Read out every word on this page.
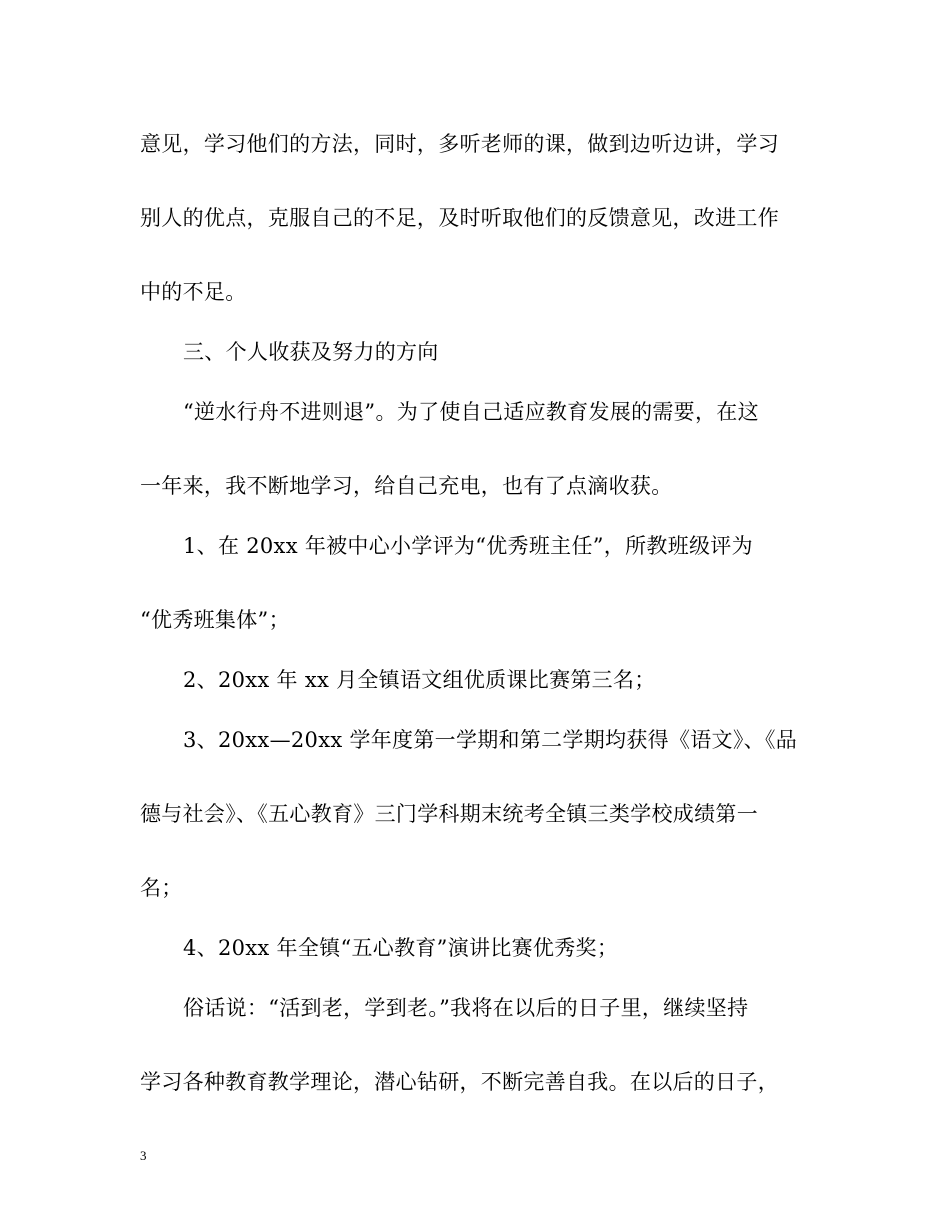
意见，学习他们的方法，同时，多听老师的课，做到边听边讲，学习
别人的优点，克服自己的不足，及时听取他们的反馈意见，改进工作
中的不足。
三、个人收获及努力的方向
“逆水行舟不进则退”。为了使自己适应教育发展的需要，在这
一年来，我不断地学习，给自己充电，也有了点滴收获。
1、在 20xx 年被中心小学评为“优秀班主任”，所教班级评为
“优秀班集体”；
2、20xx 年 xx 月全镇语文组优质课比赛第三名；
3、20xx—20xx 学年度第一学期和第二学期均获得《语文》、《品
德与社会》、《五心教育》三门学科期末统考全镇三类学校成绩第一
名；
4、20xx 年全镇“五心教育”演讲比赛优秀奖；
俗话说：“活到老，学到老。”我将在以后的日子里，继续坚持
学习各种教育教学理论，潜心钻研，不断完善自我。在以后的日子，
3
